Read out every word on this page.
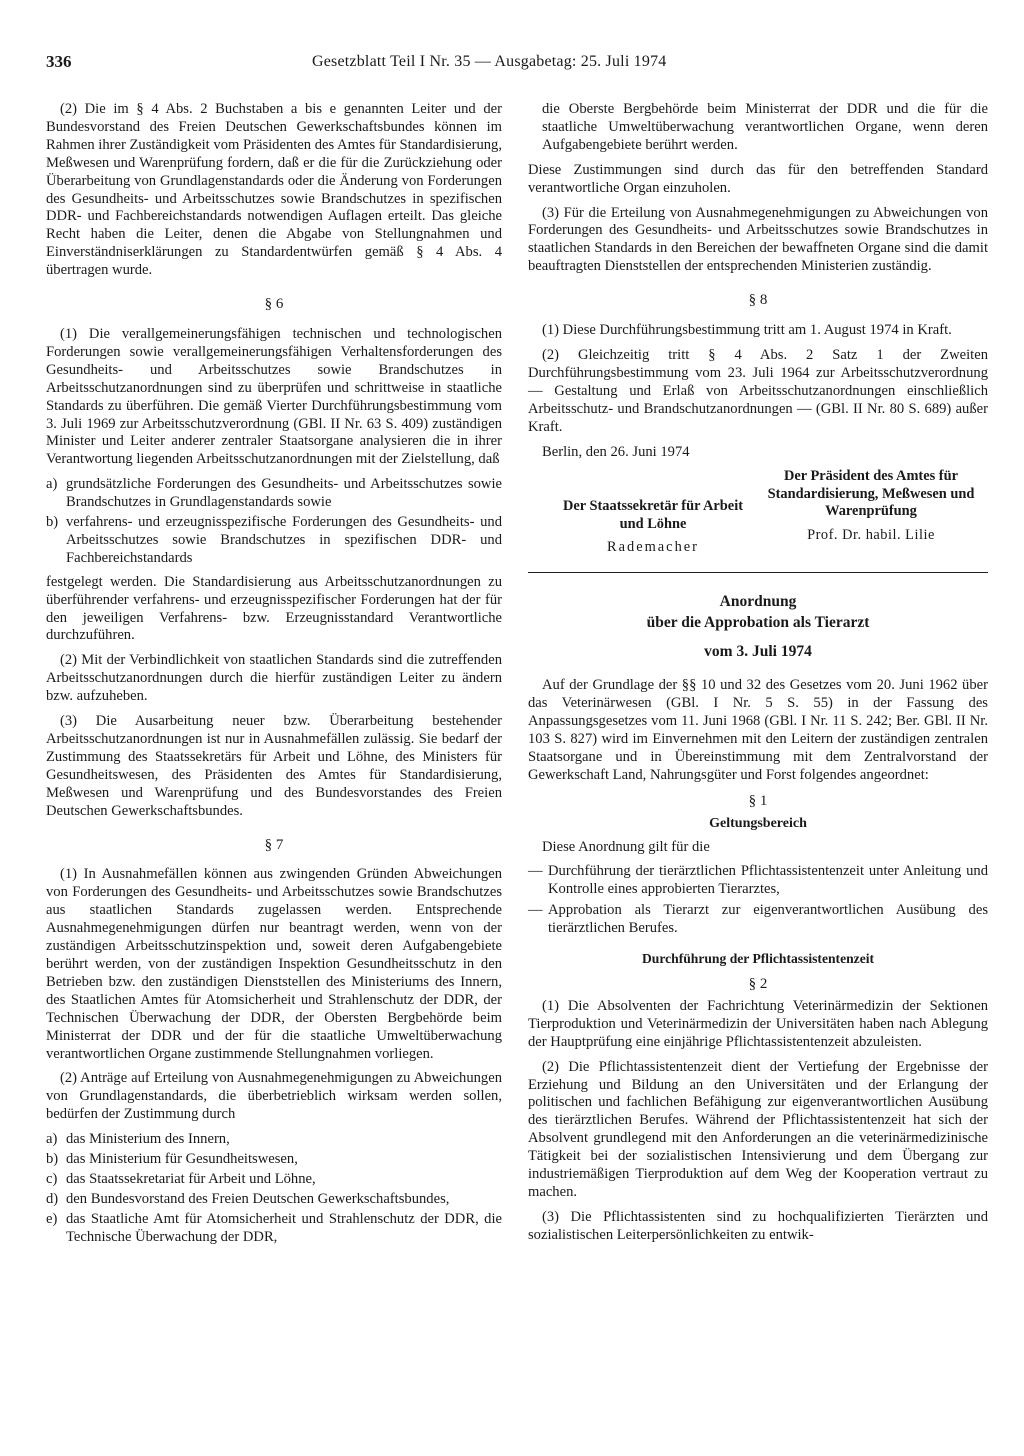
336	Gesetzblatt Teil I Nr. 35 — Ausgabetag: 25. Juli 1974

(2) Die im § 4 Abs. 2 Buchstaben a bis e genannten Leiter und der Bundesvorstand des Freien Deutschen Gewerkschaftsbundes können im Rahmen ihrer Zuständigkeit vom Präsidenten des Amtes für Standardisierung, Meßwesen und Warenprüfung fordern, daß er die für die Zurückziehung oder Überarbeitung von Grundlagenstandards oder die Änderung von Forderungen des Gesundheits- und Arbeitsschutzes sowie Brandschutzes in spezifischen DDR- und Fachbereichstandards notwendigen Auflagen erteilt. Das gleiche Recht haben die Leiter, denen die Abgabe von Stellungnahmen und Einverständniserklärungen zu Standardentwürfen gemäß § 4 Abs. 4 übertragen wurde.

§ 6

(1) Die verallgemeinerungsfähigen technischen und technologischen Forderungen sowie verallgemeinerungsfähigen Verhaltensforderungen des Gesundheits- und Arbeitsschutzes sowie Brandschutzes in Arbeitsschutzanordnungen sind zu überprüfen und schrittweise in staatliche Standards zu überführen. Die gemäß Vierter Durchführungsbestimmung vom 3. Juli 1969 zur Arbeitsschutzverordnung (GBl. II Nr. 63 S. 409) zuständigen Minister und Leiter anderer zentraler Staatsorgane analysieren die in ihrer Verantwortung liegenden Arbeitsschutzanordnungen mit der Zielstellung, daß

a) grundsätzliche Forderungen des Gesundheits- und Arbeitsschutzes sowie Brandschutzes in Grundlagenstandards sowie
b) verfahrens- und erzeugnisspezifische Forderungen des Gesundheits- und Arbeitsschutzes sowie Brandschutzes in spezifischen DDR- und Fachbereichstandards

festgelegt werden. Die Standardisierung aus Arbeitsschutzanordnungen zu überführender verfahrens- und erzeugnisspezifischer Forderungen hat der für den jeweiligen Verfahrens- bzw. Erzeugnisstandard Verantwortliche durchzuführen.

(2) Mit der Verbindlichkeit von staatlichen Standards sind die zutreffenden Arbeitsschutzanordnungen durch die hierfür zuständigen Leiter zu ändern bzw. aufzuheben.

(3) Die Ausarbeitung neuer bzw. Überarbeitung bestehender Arbeitsschutzanordnungen ist nur in Ausnahmefällen zulässig. Sie bedarf der Zustimmung des Staatssekretärs für Arbeit und Löhne, des Ministers für Gesundheitswesen, des Präsidenten des Amtes für Standardisierung, Meßwesen und Warenprüfung und des Bundesvorstandes des Freien Deutschen Gewerkschaftsbundes.

§ 7

(1) In Ausnahmefällen können aus zwingenden Gründen Abweichungen von Forderungen des Gesundheits- und Arbeitsschutzes sowie Brandschutzes aus staatlichen Standards zugelassen werden. Entsprechende Ausnahmegenehmigungen dürfen nur beantragt werden, wenn von der zuständigen Arbeitsschutzinspektion und, soweit deren Aufgabengebiete berührt werden, von der zuständigen Inspektion Gesundheitsschutz in den Betrieben bzw. den zuständigen Dienststellen des Ministeriums des Innern, des Staatlichen Amtes für Atomsicherheit und Strahlenschutz der DDR, der Technischen Überwachung der DDR, der Obersten Bergbehörde beim Ministerrat der DDR und der für die staatliche Umweltüberwachung verantwortlichen Organe zustimmende Stellungnahmen vorliegen.

(2) Anträge auf Erteilung von Ausnahmegenehmigungen zu Abweichungen von Grundlagenstandards, die überbetrieblich wirksam werden sollen, bedürfen der Zustimmung durch

a) das Ministerium des Innern,
b) das Ministerium für Gesundheitswesen,
c) das Staatssekretariat für Arbeit und Löhne,
d) den Bundesvorstand des Freien Deutschen Gewerkschaftsbundes,
e) das Staatliche Amt für Atomsicherheit und Strahlenschutz der DDR, die Technische Überwachung der DDR,

die Oberste Bergbehörde beim Ministerrat der DDR und die für die staatliche Umweltüberwachung verantwortlichen Organe, wenn deren Aufgabengebiete berührt werden.

Diese Zustimmungen sind durch das für den betreffenden Standard verantwortliche Organ einzuholen.

(3) Für die Erteilung von Ausnahmegenehmigungen zu Abweichungen von Forderungen des Gesundheits- und Arbeitsschutzes sowie Brandschutzes in staatlichen Standards in den Bereichen der bewaffneten Organe sind die damit beauftragten Dienststellen der entsprechenden Ministerien zuständig.

§ 8

(1) Diese Durchführungsbestimmung tritt am 1. August 1974 in Kraft.

(2) Gleichzeitig tritt § 4 Abs. 2 Satz 1 der Zweiten Durchführungsbestimmung vom 23. Juli 1964 zur Arbeitsschutzverordnung — Gestaltung und Erlaß von Arbeitsschutzanordnungen einschließlich Arbeitsschutz- und Brandschutzanordnungen — (GBl. II Nr. 80 S. 689) außer Kraft.

Berlin, den 26. Juni 1974

Der Staatssekretär für Arbeit und Löhne
Rademacher
Der Präsident des Amtes für Standardisierung, Meßwesen und Warenprüfung
Prof. Dr. habil. Lilie
Anordnung
über die Approbation als Tierarzt
vom 3. Juli 1974

Auf der Grundlage der §§ 10 und 32 des Gesetzes vom 20. Juni 1962 über das Veterinärwesen (GBl. I Nr. 5 S. 55) in der Fassung des Anpassungsgesetzes vom 11. Juni 1968 (GBl. I Nr. 11 S. 242; Ber. GBl. II Nr. 103 S. 827) wird im Einvernehmen mit den Leitern der zuständigen zentralen Staatsorgane und in Übereinstimmung mit dem Zentralvorstand der Gewerkschaft Land, Nahrungsgüter und Forst folgendes angeordnet:

§ 1
Geltungsbereich

Diese Anordnung gilt für die

— Durchführung der tierärztlichen Pflichtassistentenzeit unter Anleitung und Kontrolle eines approbierten Tierarztes,
— Approbation als Tierarzt zur eigenverantwortlichen Ausübung des tierärztlichen Berufes.
Durchführung der Pflichtassistentenzeit
§ 2

(1) Die Absolventen der Fachrichtung Veterinärmedizin der Sektionen Tierproduktion und Veterinärmedizin der Universitäten haben nach Ablegung der Hauptprüfung eine einjährige Pflichtassistentenzeit abzuleisten.

(2) Die Pflichtassistentenzeit dient der Vertiefung der Ergebnisse der Erziehung und Bildung an den Universitäten und der Erlangung der politischen und fachlichen Befähigung zur eigenverantwortlichen Ausübung des tierärztlichen Berufes. Während der Pflichtassistentenzeit hat sich der Absolvent grundlegend mit den Anforderungen an die veterinärmedizinische Tätigkeit bei der sozialistischen Intensivierung und dem Übergang zur industriemäßigen Tierproduktion auf dem Weg der Kooperation vertraut zu machen.

(3) Die Pflichtassistenten sind zu hochqualifizierten Tierärzten und sozialistischen Leiterpersönlichkeiten zu entwik-
